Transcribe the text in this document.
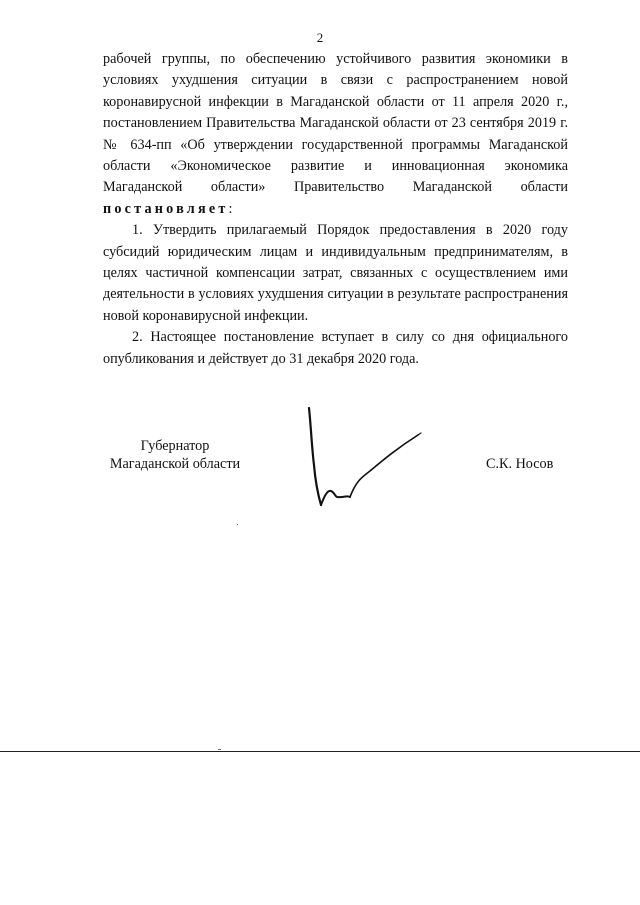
2

рабочей группы, по обеспечению устойчивого развития экономики в условиях ухудшения ситуации в связи с распространением новой коронавирусной инфекции в Магаданской области от 11 апреля 2020 г., постановлением Правительства Магаданской области от 23 сентября 2019 г. № 634-пп «Об утверждении государственной программы Магаданской области «Экономическое развитие и инновационная экономика Магаданской области» Правительство Магаданской области постановляет:

1. Утвердить прилагаемый Порядок предоставления в 2020 году субсидий юридическим лицам и индивидуальным предпринимателям, в целях частичной компенсации затрат, связанных с осуществлением ими деятельности в условиях ухудшения ситуации в результате распространения новой коронавирусной инфекции.

2. Настоящее постановление вступает в силу со дня официального опубликования и действует до 31 декабря 2020 года.

Губернатор
Магаданской области	С.К. Носов
